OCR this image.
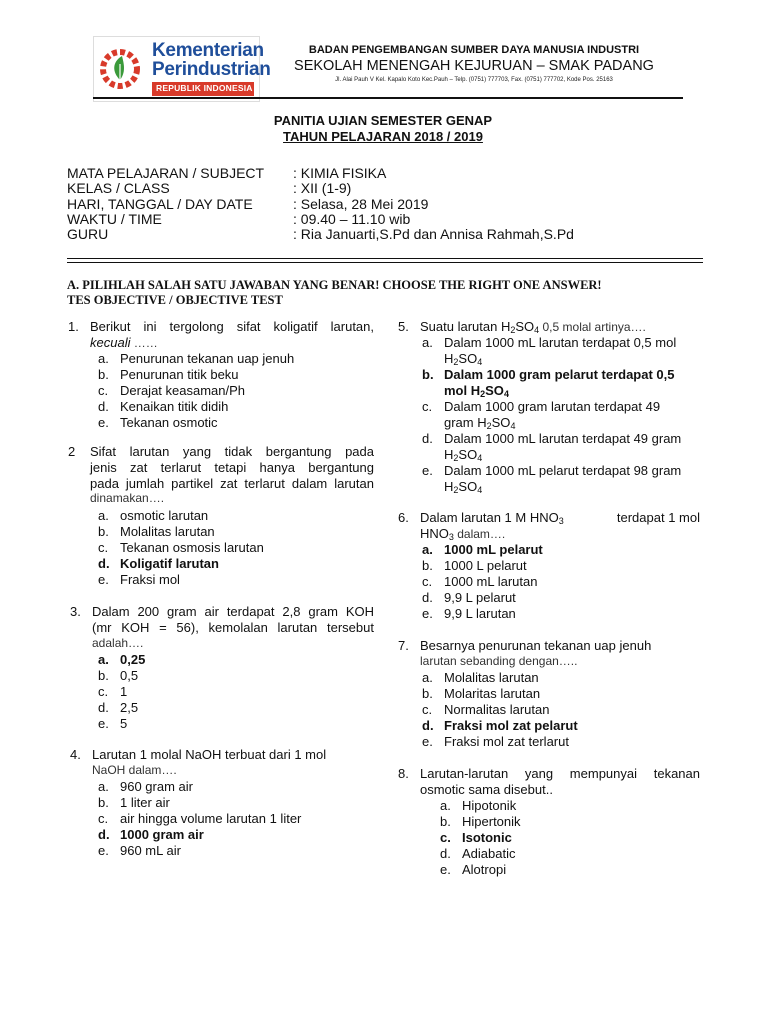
Kementerian
Perindustrian
REPUBLIK INDONESIA
BADAN PENGEMBANGAN SUMBER DAYA MANUSIA INDUSTRI
SEKOLAH MENENGAH KEJURUAN – SMAK PADANG
Jl. Alai Pauh V Kel. Kapalo Koto Kec.Pauh – Telp. (0751) 777703, Fax. (0751) 777702, Kode Pos. 25163
PANITIA UJIAN SEMESTER GENAP
TAHUN PELAJARAN 2018 / 2019
MATA PELAJARAN / SUBJECT : KIMIA FISIKA
KELAS / CLASS	: XII (1-9)
HARI, TANGGAL / DAY DATE	: Selasa, 28 Mei 2019
WAKTU / TIME	: 09.40 – 11.10 wib
GURU	: Ria Januarti,S.Pd dan Annisa Rahmah,S.Pd
A. PILIHLAH SALAH SATU JAWABAN YANG BENAR! CHOOSE THE RIGHT ONE ANSWER!
TES OBJECTIVE / OBJECTIVE TEST
1. Berikut ini tergolong sifat koligatif larutan,
kecuali ……
a. Penurunan tekanan uap jenuh
b. Penurunan titik beku
c. Derajat keasaman/Ph
d. Kenaikan titik didih
e. Tekanan osmotic
2 Sifat larutan yang tidak bergantung pada
jenis zat terlarut tetapi hanya bergantung
pada jumlah partikel zat terlarut dalam larutan
dinamakan….
a. osmotic larutan
b. Molalitas larutan
c. Tekanan osmosis larutan
d. Koligatif larutan
e. Fraksi mol
3. Dalam 200 gram air terdapat 2,8 gram KOH
(mr KOH = 56), kemolalan larutan tersebut
adalah….
a. 0,25
b. 0,5
c. 1
d. 2,5
e. 5
4. Larutan 1 molal NaOH terbuat dari 1 mol
NaOH dalam….
a. 960 gram air
b. 1 liter air
c. air hingga volume larutan 1 liter
d. 1000 gram air
e. 960 mL air
5. Suatu larutan $H_2SO_4$ 0,5 molal artinya….
a. Dalam 1000 mL larutan terdapat 0,5 mol
$H_2SO_4$
b. Dalam 1000 gram pelarut terdapat 0,5
mol $H_2SO_4$
c. Dalam 1000 gram larutan terdapat 49
gram $H_2SO_4$
d. Dalam 1000 mL larutan terdapat 49 gram
$H_2SO_4$
e. Dalam 1000 mL pelarut terdapat 98 gram
$H_2SO_4$
6. Dalam larutan 1 M $HNO_3$	terdapat 1 mol
$HNO_3$ dalam….
a. 1000 mL pelarut
b. 1000 L pelarut
c. 1000 mL larutan
d. 9,9 L pelarut
e. 9,9 L larutan
7. Besarnya penurunan tekanan uap jenuh
larutan sebanding dengan…..
a. Molalitas larutan
b. Molaritas larutan
c. Normalitas larutan
d. Fraksi mol zat pelarut
e. Fraksi mol zat terlarut
8. Larutan-larutan yang mempunyai tekanan
osmotic sama disebut..
a. Hipotonik
b. Hipertonik
c. Isotonic
d. Adiabatic
e. Alotropi
